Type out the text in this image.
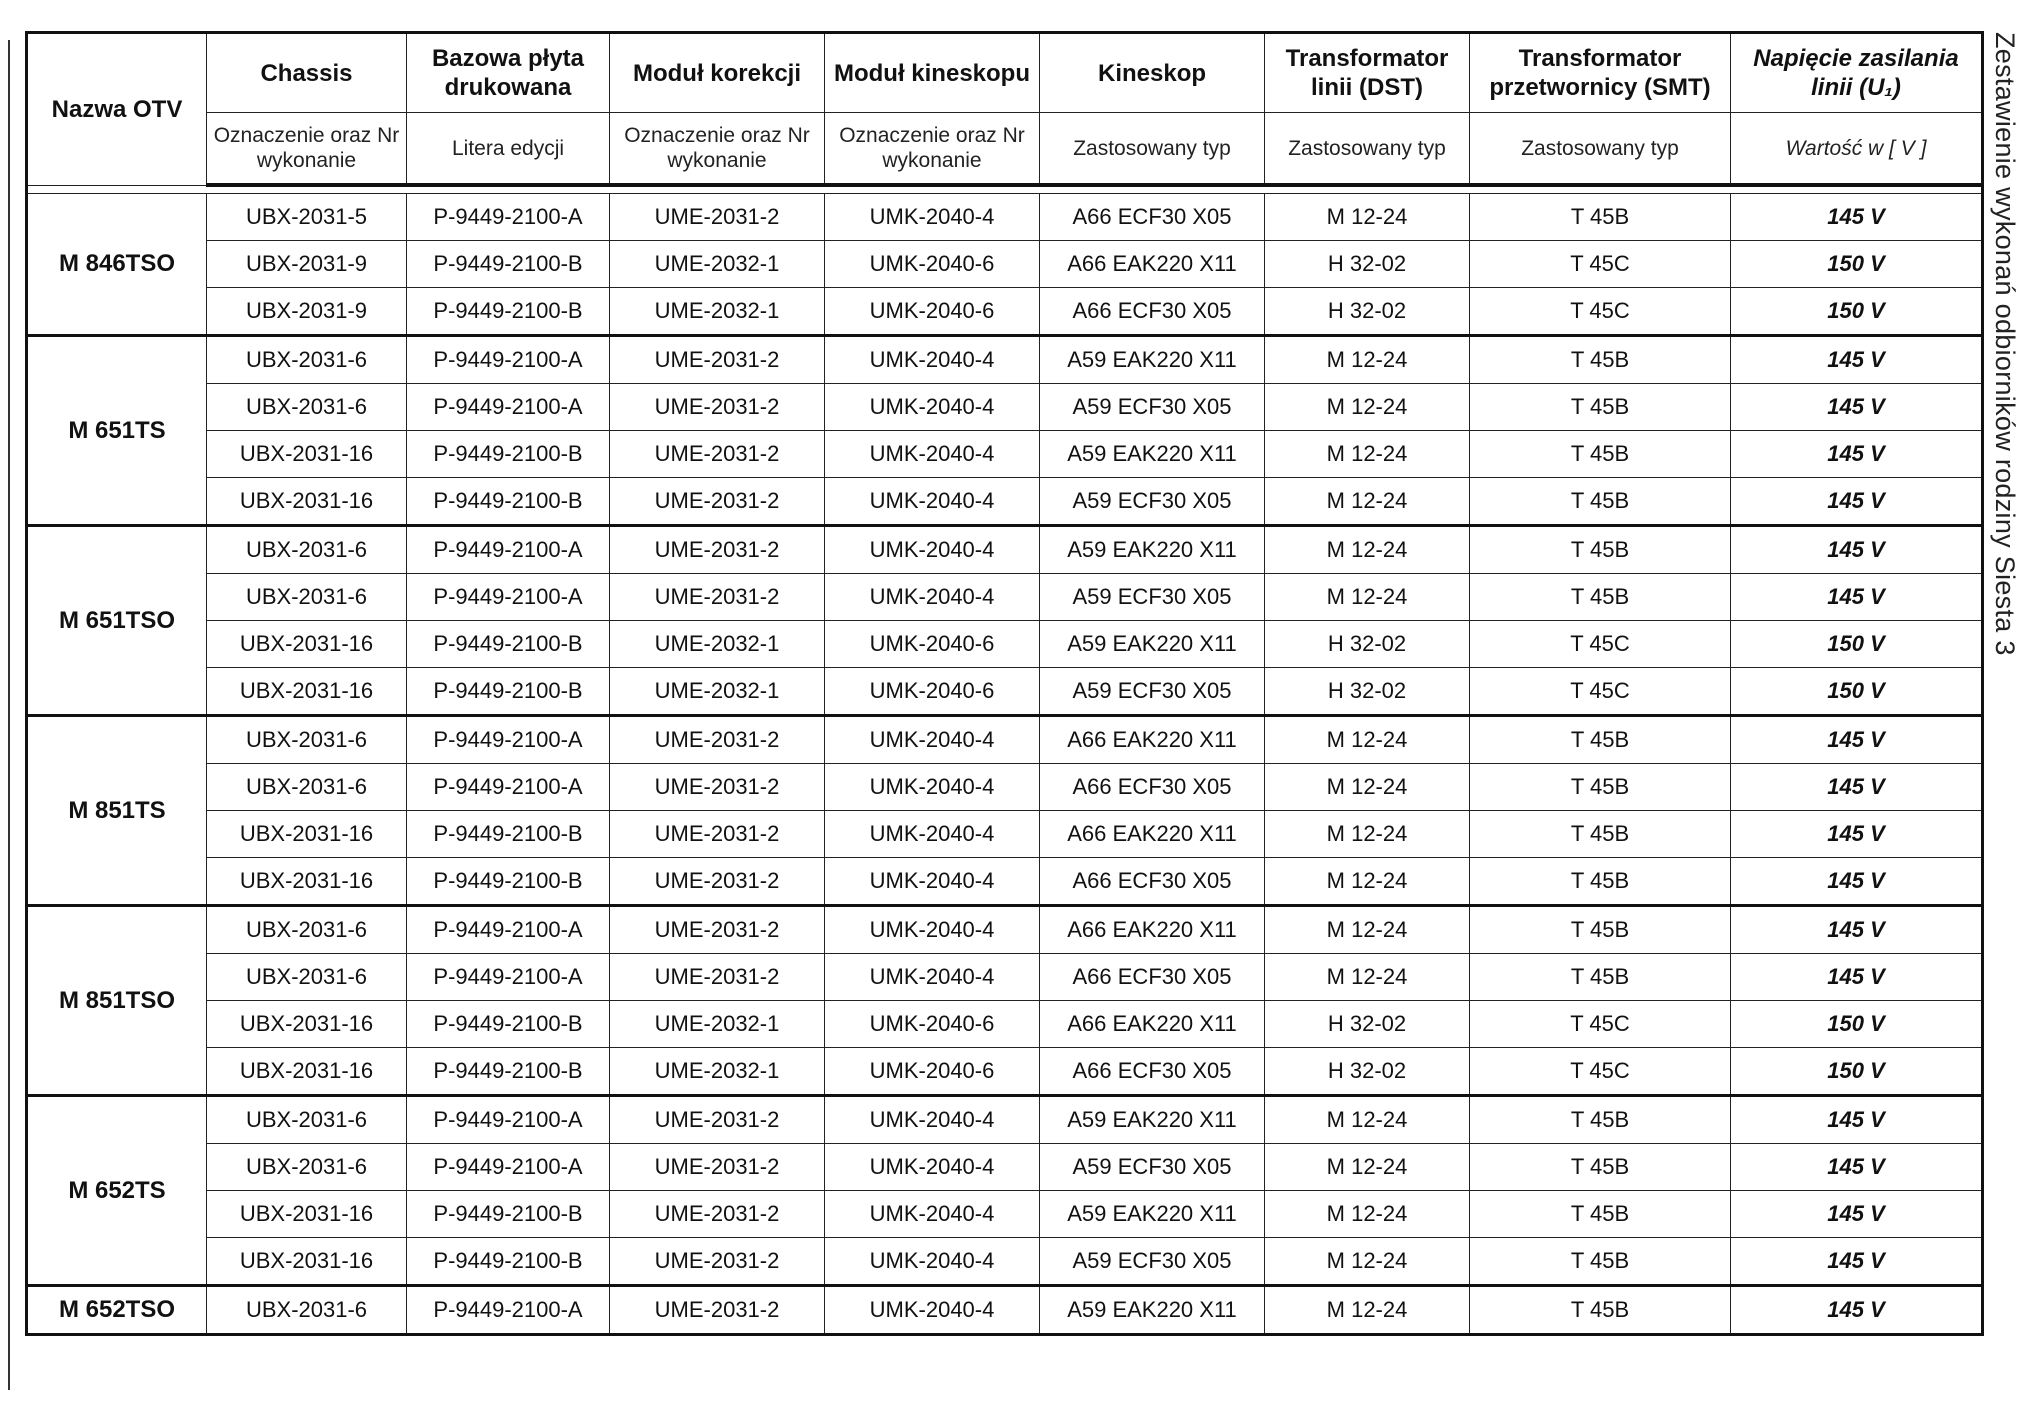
Nazwa OTV	Chassis	Bazowa płyta drukowana	Moduł korekcji	Moduł kineskopu	Kineskop	Transformator linii (DST)	Transformator przetwornicy (SMT)	Napięcie zasilania linii (U₁)
	Oznaczenie oraz Nr wykonanie	Litera edycji	Oznaczenie oraz Nr wykonanie	Oznaczenie oraz Nr wykonanie	Zastosowany typ	Zastosowany typ	Zastosowany typ	Wartość w [ V ]

M 846TSO	UBX-2031-5	P-9449-2100-A	UME-2031-2	UMK-2040-4	A66 ECF30 X05	M 12-24	T 45B	145 V
	UBX-2031-9	P-9449-2100-B	UME-2032-1	UMK-2040-6	A66 EAK220 X11	H 32-02	T 45C	150 V
	UBX-2031-9	P-9449-2100-B	UME-2032-1	UMK-2040-6	A66 ECF30 X05	H 32-02	T 45C	150 V
M 651TS	UBX-2031-6	P-9449-2100-A	UME-2031-2	UMK-2040-4	A59 EAK220 X11	M 12-24	T 45B	145 V
	UBX-2031-6	P-9449-2100-A	UME-2031-2	UMK-2040-4	A59 ECF30 X05	M 12-24	T 45B	145 V
	UBX-2031-16	P-9449-2100-B	UME-2031-2	UMK-2040-4	A59 EAK220 X11	M 12-24	T 45B	145 V
	UBX-2031-16	P-9449-2100-B	UME-2031-2	UMK-2040-4	A59 ECF30 X05	M 12-24	T 45B	145 V
M 651TSO	UBX-2031-6	P-9449-2100-A	UME-2031-2	UMK-2040-4	A59 EAK220 X11	M 12-24	T 45B	145 V
	UBX-2031-6	P-9449-2100-A	UME-2031-2	UMK-2040-4	A59 ECF30 X05	M 12-24	T 45B	145 V
	UBX-2031-16	P-9449-2100-B	UME-2032-1	UMK-2040-6	A59 EAK220 X11	H 32-02	T 45C	150 V
	UBX-2031-16	P-9449-2100-B	UME-2032-1	UMK-2040-6	A59 ECF30 X05	H 32-02	T 45C	150 V
M 851TS	UBX-2031-6	P-9449-2100-A	UME-2031-2	UMK-2040-4	A66 EAK220 X11	M 12-24	T 45B	145 V
	UBX-2031-6	P-9449-2100-A	UME-2031-2	UMK-2040-4	A66 ECF30 X05	M 12-24	T 45B	145 V
	UBX-2031-16	P-9449-2100-B	UME-2031-2	UMK-2040-4	A66 EAK220 X11	M 12-24	T 45B	145 V
	UBX-2031-16	P-9449-2100-B	UME-2031-2	UMK-2040-4	A66 ECF30 X05	M 12-24	T 45B	145 V
M 851TSO	UBX-2031-6	P-9449-2100-A	UME-2031-2	UMK-2040-4	A66 EAK220 X11	M 12-24	T 45B	145 V
	UBX-2031-6	P-9449-2100-A	UME-2031-2	UMK-2040-4	A66 ECF30 X05	M 12-24	T 45B	145 V
	UBX-2031-16	P-9449-2100-B	UME-2032-1	UMK-2040-6	A66 EAK220 X11	H 32-02	T 45C	150 V
	UBX-2031-16	P-9449-2100-B	UME-2032-1	UMK-2040-6	A66 ECF30 X05	H 32-02	T 45C	150 V
M 652TS	UBX-2031-6	P-9449-2100-A	UME-2031-2	UMK-2040-4	A59 EAK220 X11	M 12-24	T 45B	145 V
	UBX-2031-6	P-9449-2100-A	UME-2031-2	UMK-2040-4	A59 ECF30 X05	M 12-24	T 45B	145 V
	UBX-2031-16	P-9449-2100-B	UME-2031-2	UMK-2040-4	A59 EAK220 X11	M 12-24	T 45B	145 V
	UBX-2031-16	P-9449-2100-B	UME-2031-2	UMK-2040-4	A59 ECF30 X05	M 12-24	T 45B	145 V
M 652TSO	UBX-2031-6	P-9449-2100-A	UME-2031-2	UMK-2040-4	A59 EAK220 X11	M 12-24	T 45B	145 V
Zestawienie wykonań odbiorników rodziny Siesta 3
